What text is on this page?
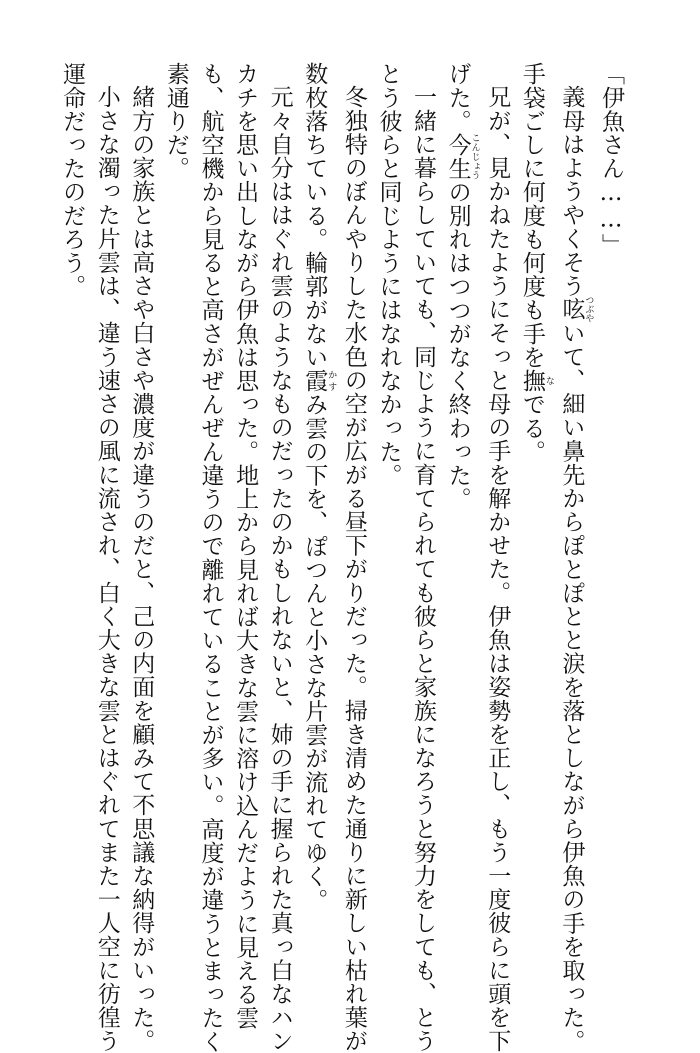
「伊魚さん……」
義母はようやくそう呟 つぶやいて、細い鼻先からぽとぽとと涙を落としながら伊魚の手を取った。
手袋ごしに何度も何度も手を撫 なでる。
兄が、見かねたようにそっと母の手を解かせた。伊魚は姿勢を正し、もう一度彼らに頭を下
げた。今生 こんじょうの別れはつつがなく終わった。
一緒に暮らしていても、同じように育てられても彼らと家族になろうと努力をしても、とう
とう彼らと同じようにはなれなかった。
冬独特のぼんやりした水色の空が広がる昼下がりだった。掃き清めた通りに新しい枯れ葉が
数枚落ちている。輪郭がない霞 かすみ雲の下を、ぽつんと小さな片雲が流れてゆく。
元々自分ははぐれ雲のようなものだったのかもしれないと、姉の手に握られた真っ白なハン
カチを思い出しながら伊魚は思った。地上から見れば大きな雲に溶け込んだように見える雲
も、航空機から見ると高さがぜんぜん違うので離れていることが多い。高度が違うとまったく
素通りだ。
緒方の家族とは高さや白さや濃度が違うのだと、己の内面を顧みて不思議な納得がいった。
小さな濁った片雲は、違う速さの風に流され、白く大きな雲とはぐれてまた一人空に彷徨う
運命だったのだろう。
